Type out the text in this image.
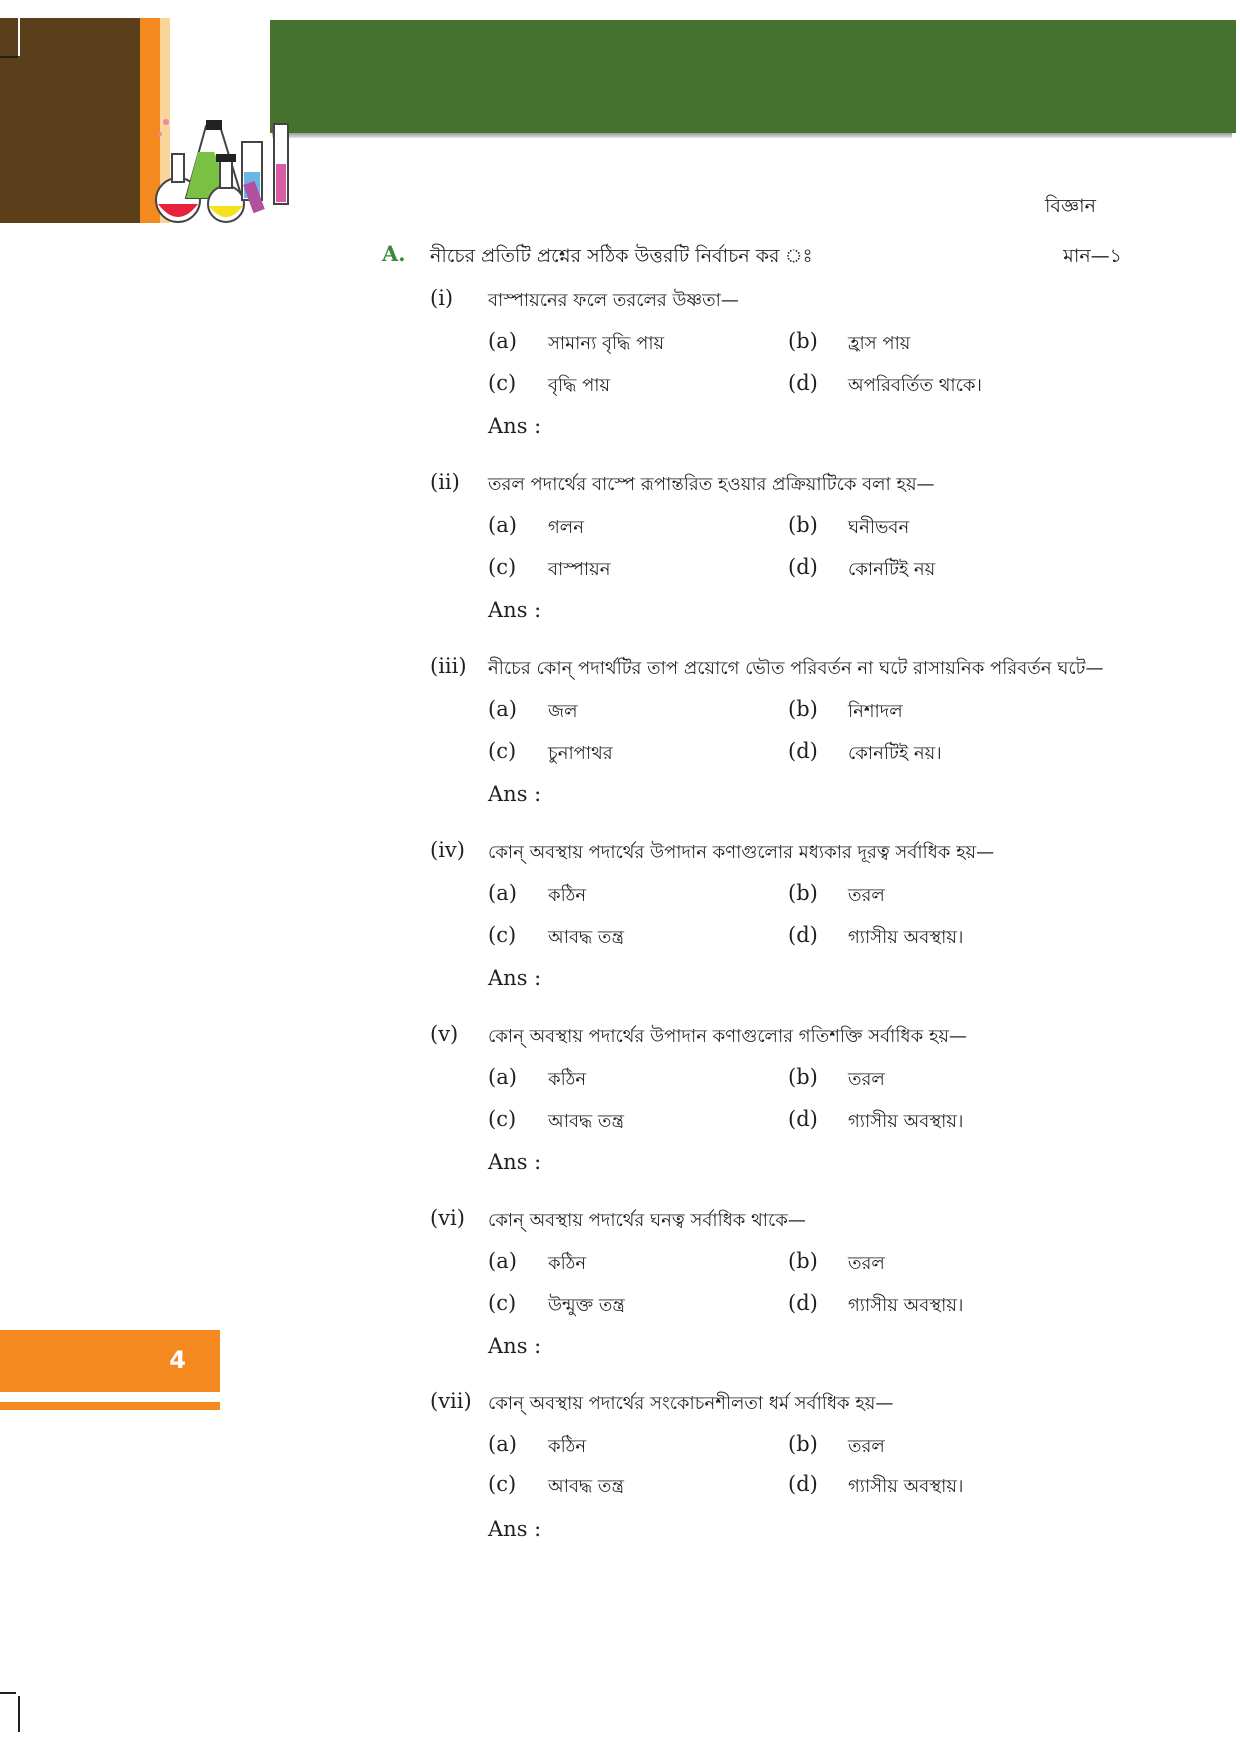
বিজ্ঞান
A. নীচের প্রতিটি প্রশ্নের সঠিক উত্তরটি নির্বাচন কর ঃ	মান—১
(i) বাস্পায়নের ফলে তরলের উষ্ণতা—
(a) সামান্য বৃদ্ধি পায়	(b) হ্রাস পায়
(c) বৃদ্ধি পায়	(d) অপরিবর্তিত থাকে।
Ans :
(ii) তরল পদার্থের বাস্পে রূপান্তরিত হওয়ার প্রক্রিয়াটিকে বলা হয়—
(a) গলন	(b) ঘনীভবন
(c) বাস্পায়ন	(d) কোনটিই নয়
Ans :
(iii) নীচের কোন্ পদার্থটির তাপ প্রয়োগে ভৌত পরিবর্তন না ঘটে রাসায়নিক পরিবর্তন ঘটে—
(a) জল	(b) নিশাদল
(c) চুনাপাথর	(d) কোনটিই নয়।
Ans :
(iv) কোন্ অবস্থায় পদার্থের উপাদান কণাগুলোর মধ্যকার দূরত্ব সর্বাধিক হয়—
(a) কঠিন	(b) তরল
(c) আবদ্ধ তন্ত্র	(d) গ্যাসীয় অবস্থায়।
Ans :
(v) কোন্ অবস্থায় পদার্থের উপাদান কণাগুলোর গতিশক্তি সর্বাধিক হয়—
(a) কঠিন	(b) তরল
(c) আবদ্ধ তন্ত্র	(d) গ্যাসীয় অবস্থায়।
Ans :
(vi) কোন্ অবস্থায় পদার্থের ঘনত্ব সর্বাধিক থাকে—
(a) কঠিন	(b) তরল
(c) উন্মুক্ত তন্ত্র	(d) গ্যাসীয় অবস্থায়।
Ans :
(vii) কোন্ অবস্থায় পদার্থের সংকোচনশীলতা ধর্ম সর্বাধিক হয়—
(a) কঠিন	(b) তরল
(c) আবদ্ধ তন্ত্র	(d) গ্যাসীয় অবস্থায়।
Ans :
4
